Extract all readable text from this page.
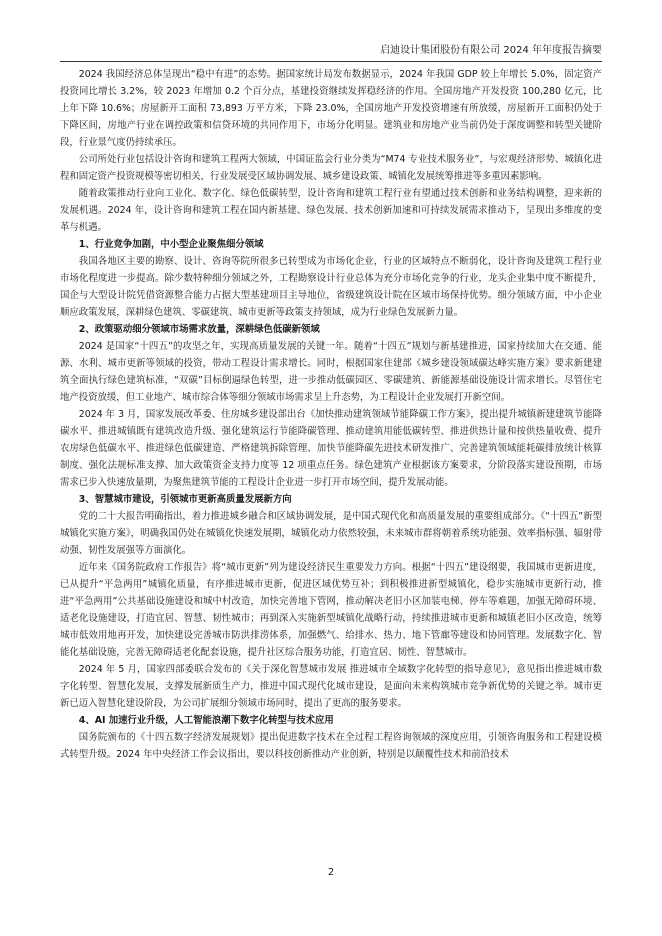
启迪设计集团股份有限公司 2024 年年度报告摘要

2024 我国经济总体呈现出“稳中有进”的态势。据国家统计局发布数据显示，2024 年我国 GDP 较上年增长 5.0%，固定资产投资同比增长 3.2%，较 2023 年增加 0.2 个百分点，基建投资继续发挥稳经济的作用。全国房地产开发投资 100,280 亿元，比上年下降 10.6%；房屋新开工面积 73,893 万平方米，下降 23.0%，全国房地产开发投资增速有所放缓，房屋新开工面积仍处于下降区间，房地产行业在调控政策和信贷环境的共同作用下，市场分化明显。建筑业和房地产业当前仍处于深度调整和转型关键阶段，行业景气度仍持续承压。

公司所处行业包括设计咨询和建筑工程两大领域，中国证监会行业分类为“M74 专业技术服务业”，与宏观经济形势、城镇化进程和固定资产投资规模等密切相关，行业发展受区域协调发展、城乡建设政策、城镇化发展统筹推进等多重因素影响。

随着政策推动行业向工业化、数字化、绿色低碳转型，设计咨询和建筑工程行业有望通过技术创新和业务结构调整，迎来新的发展机遇。2024 年，设计咨询和建筑工程在国内新基建、绿色发展、技术创新加速和可持续发展需求推动下，呈现出多维度的变革与机遇。

1、行业竞争加剧，中小型企业聚焦细分领域

我国各地区主要的勘察、设计、咨询等院所很多已转型成为市场化企业，行业的区域特点不断弱化，设计咨询及建筑工程行业市场化程度进一步提高。除少数特种细分领域之外，工程勘察设计行业总体为充分市场化竞争的行业，龙头企业集中度不断提升，国企与大型设计院凭借资源整合能力占据大型基建项目主导地位，省级建筑设计院在区域市场保持优势。细分领域方面，中小企业顺应政策发展，深耕绿色建筑、零碳建筑、城市更新等政策支持领域，成为行业绿色发展新力量。

2、政策驱动细分领域市场需求放量，深耕绿色低碳新领域

2024 是国家“十四五”的攻坚之年，实现高质量发展的关键一年。随着“十四五”规划与新基建推进，国家持续加大在交通、能源、水利、城市更新等领域的投资，带动工程设计需求增长。同时，根据国家住建部《城乡建设领域碳达峰实施方案》要求新建建筑全面执行绿色建筑标准，“双碳”目标倒逼绿色转型，进一步推动低碳园区、零碳建筑、新能源基础设施设计需求增长。尽管住宅地产投资放缓，但工业地产、城市综合体等细分领域市场需求呈上升态势，为工程设计企业发展打开新空间。

2024 年 3 月，国家发展改革委、住房城乡建设部出台《加快推动建筑领域节能降碳工作方案》，提出提升城镇新建建筑节能降碳水平、推进城镇既有建筑改造升级、强化建筑运行节能降碳管理、推动建筑用能低碳转型、推进供热计量和按供热量收费、提升农房绿色低碳水平、推进绿色低碳建造、严格建筑拆除管理、加快节能降碳先进技术研发推广、完善建筑领域能耗碳排放统计核算制度、强化法规标准支撑、加大政策资金支持力度等 12 项重点任务。绿色建筑产业根据该方案要求，分阶段落实建设预期，市场需求已步入快速放量期，为聚焦建筑节能的工程设计企业进一步打开市场空间，提升发展动能。

3、智慧城市建设，引领城市更新高质量发展新方向

党的二十大报告明确指出，着力推进城乡融合和区域协调发展，是中国式现代化和高质量发展的重要组成部分。《“十四五”新型城镇化实施方案》，明确我国仍处在城镇化快速发展期，城镇化动力依然较强，未来城市群将朝着系统功能强、效率指标强、辐射带动强、韧性发展强等方面演化。

近年来《国务院政府工作报告》将“城市更新”列为建设经济民生重要发力方向。根据“十四五”建设纲要，我国城市更新进度，已从提升“平急两用”城镇化质量，有序推进城市更新，促进区域优势互补；到积极推进新型城镇化，稳步实施城市更新行动，推进“平急两用”公共基础设施建设和城中村改造，加快完善地下管网，推动解决老旧小区加装电梯、停车等难题，加强无障碍环境、适老化设施建设，打造宜居、智慧、韧性城市；再到深入实施新型城镇化战略行动，持续推进城市更新和城镇老旧小区改造，统筹城市低效用地再开发，加快建设完善城市防洪排涝体系，加强燃气、给排水、热力、地下管廊等建设和协同管理。发展数字化、智能化基础设施，完善无障碍适老化配套设施，提升社区综合服务功能，打造宜居、韧性、智慧城市。

2024 年 5 月，国家四部委联合发布的《关于深化智慧城市发展 推进城市全域数字化转型的指导意见》，意见指出推进城市数字化转型、智慧化发展，支撑发展新质生产力，推进中国式现代化城市建设，是面向未来构筑城市竞争新优势的关键之举。城市更新已迈入智慧化建设阶段，为公司扩展细分领域市场同时，提出了更高的服务要求。

4、AI 加速行业升级，人工智能浪潮下数字化转型与技术应用

国务院颁布的《十四五数字经济发展规划》提出促进数字技术在全过程工程咨询领域的深度应用，引领咨询服务和工程建设模式转型升级。2024 年中央经济工作会议指出，要以科技创新推动产业创新，特别是以颠覆性技术和前沿技术

2
